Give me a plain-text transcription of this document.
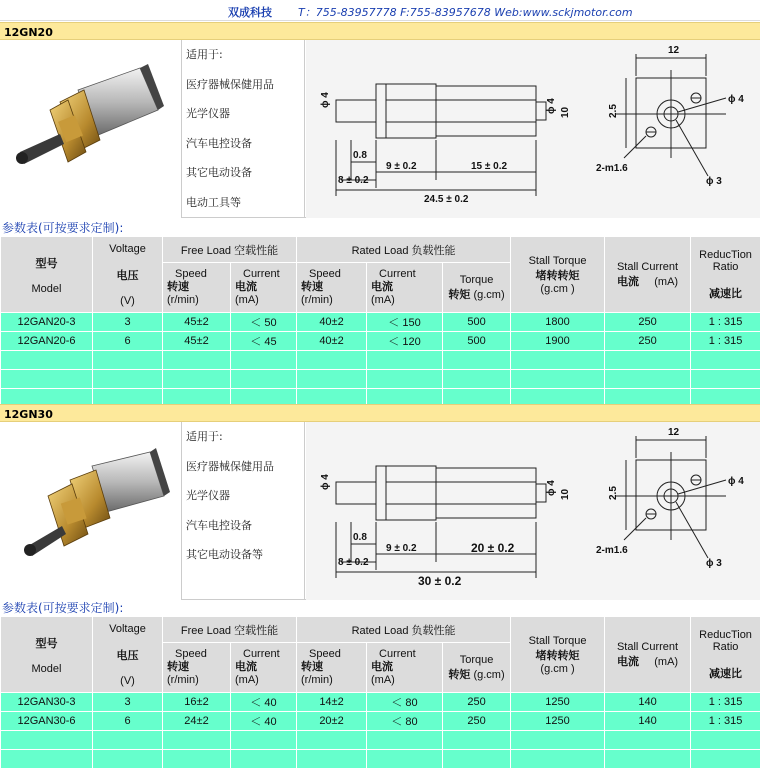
双成科技 T：755-83957778 F:755-83957678 Web:www.sckjmotor.com
12GN20
适用于:
医疗器械保健用品
光学仪器
汽车电控设备
其它电动设备
电动工具等
12
ɸ 4	ɸ 4 10	2.5
0.8
8 ± 0.2
9 ± 0.2	15 ± 0.2
24.5 ± 0.2
2-m1.6
ɸ 3
ɸ 4
参数表(可按要求定制):
型号

Model	Voltage

电压

(V)	Free Load 空载性能		Rated Load 负载性能			Stall Torque
堵转转矩
(g.cm )	Stall Current
电流 (mA)	ReducTion Ratio

减速比

		Speed
转速
(r/min)	Current
电流
(mA)	Speed
转速
(r/min)	Current
电流
(mA)	Torque
转矩 (g.cm)			
12GAN20-3	3	45±2	＜ 50	40±2	＜ 150	500	1800	250	1 : 315
12GAN20-6	6	45±2	＜ 45	40±2	＜ 120	500	1900	250	1 : 315

12GN30
适用于:
医疗器械保健用品
光学仪器
汽车电控设备
其它电动设备等
12
ɸ 4	ɸ 4 10	2.5
0.8
8 ± 0.2
9 ± 0.2	20 ± 0.2
30 ± 0.2
2-m1.6
ɸ 3
ɸ 4
参数表(可按要求定制):
型号

Model	Voltage

电压

(V)	Free Load 空载性能		Rated Load 负载性能			Stall Torque
堵转转矩
(g.cm )	Stall Current
电流 (mA)	ReducTion Ratio

减速比

		Speed
转速
(r/min)	Current
电流
(mA)	Speed
转速
(r/min)	Current
电流
(mA)	Torque
转矩 (g.cm)			
12GAN30-3	3	16±2	＜ 40	14±2	＜ 80	250	1250	140	1 : 315
12GAN30-6	6	24±2	＜ 40	20±2	＜ 80	250	1250	140	1 : 315
